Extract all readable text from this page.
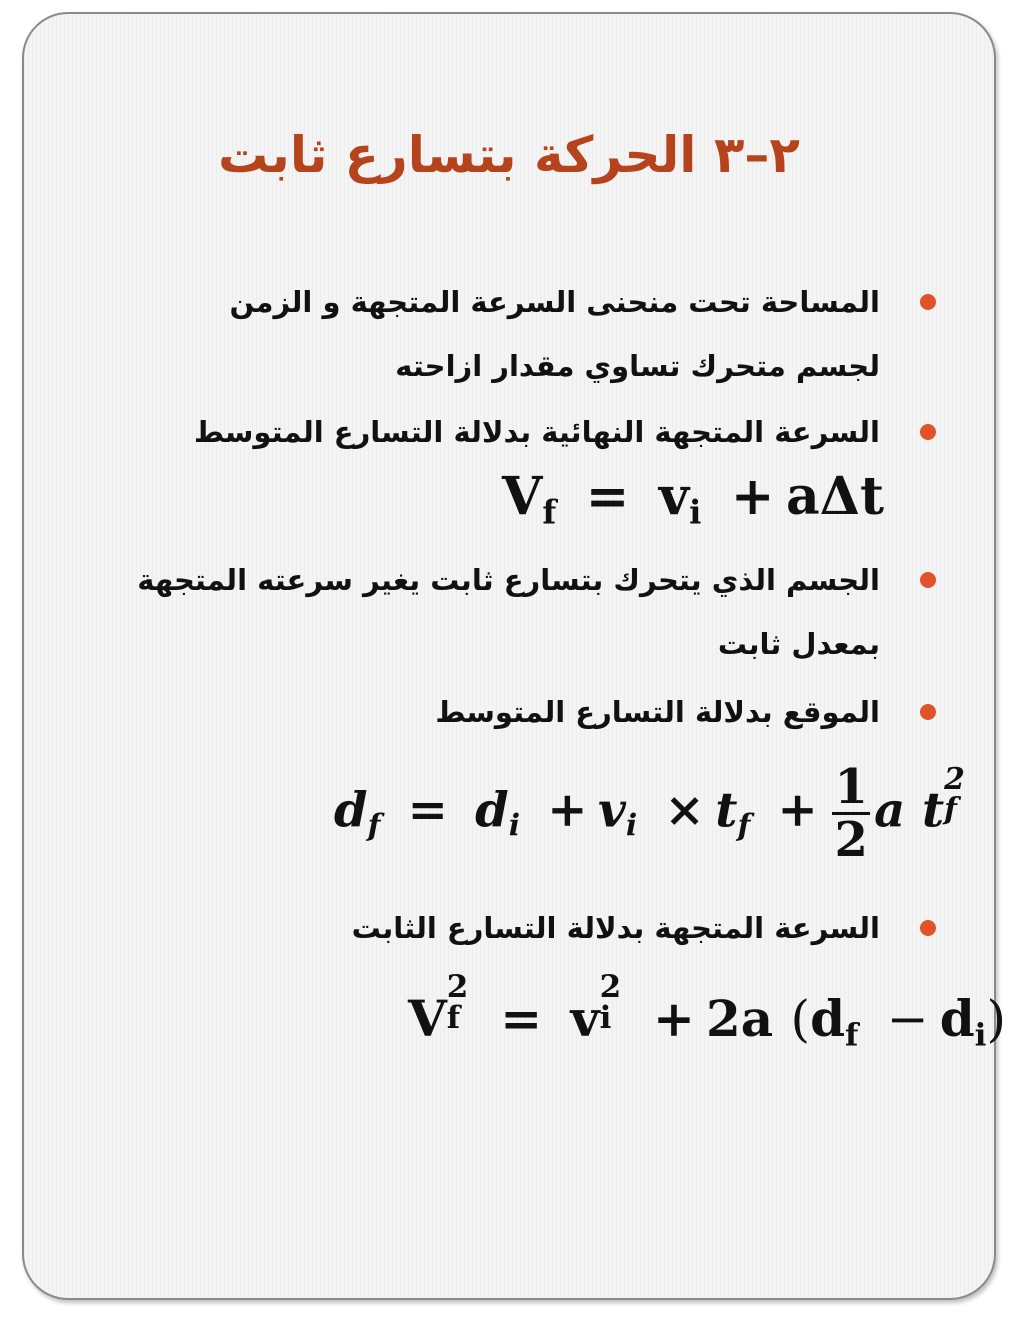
٢–٣ الحركة بتسارع ثابت
المساحة تحت منحنى السرعة المتجهة و الزمن لجسم متحرك تساوي مقدار ازاحته
السرعة المتجهة النهائية بدلالة التسارع المتوسط
$V_f = v_i + a\Delta t$
الجسم الذي يتحرك بتسارع ثابت يغير سرعته المتجهة بمعدل ثابت
الموقع بدلالة التسارع المتوسط
$d_f = d_i + v_i \times t_f + \frac{1}{2}$ a t
2
f
السرعة المتجهة بدلالة التسارع الثابت
V
2
f = v
2
i + 2a $(d_f - d_i)$
